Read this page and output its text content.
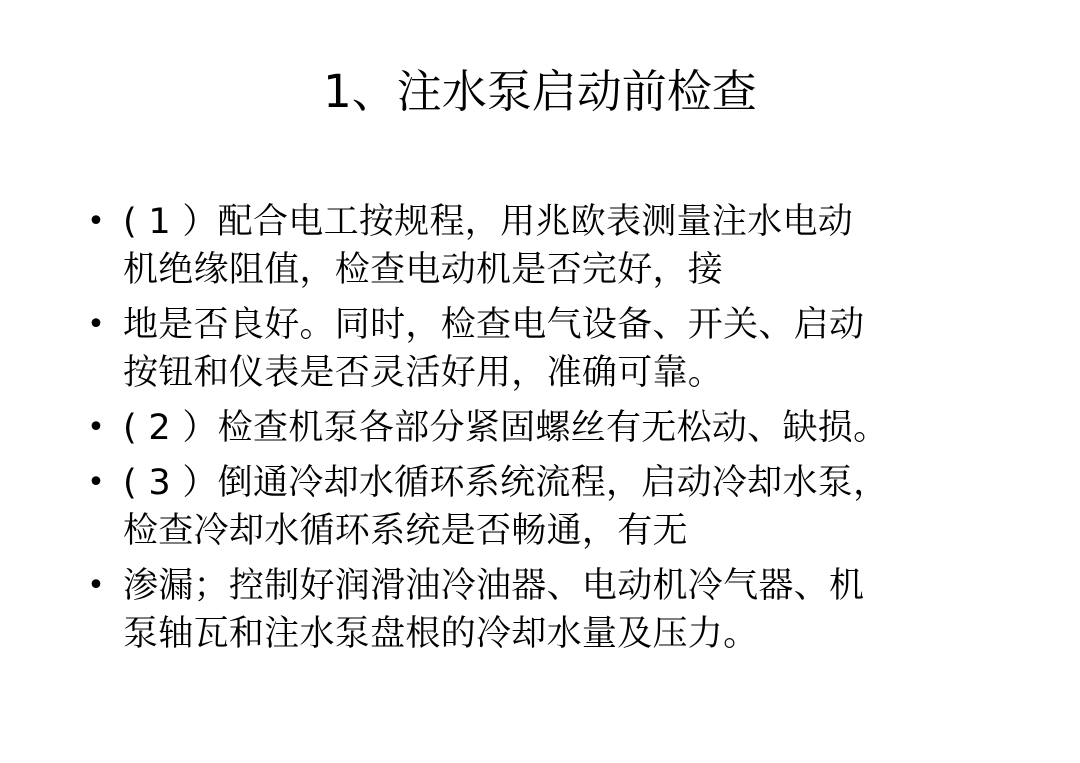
1、注水泵启动前检查
• ( 1 ）配合电工按规程，用兆欧表测量注水电动
机绝缘阻值，检查电动机是否完好，接
• 地是否良好。同时，检查电气设备、开关、启动
按钮和仪表是否灵活好用，准确可靠。
• ( 2 ）检查机泵各部分紧固螺丝有无松动、缺损。
• ( 3 ）倒通冷却水循环系统流程，启动冷却水泵，
检查冷却水循环系统是否畅通，有无
• 渗漏；控制好润滑油冷油器、电动机冷气器、机
泵轴瓦和注水泵盘根的冷却水量及压力。
